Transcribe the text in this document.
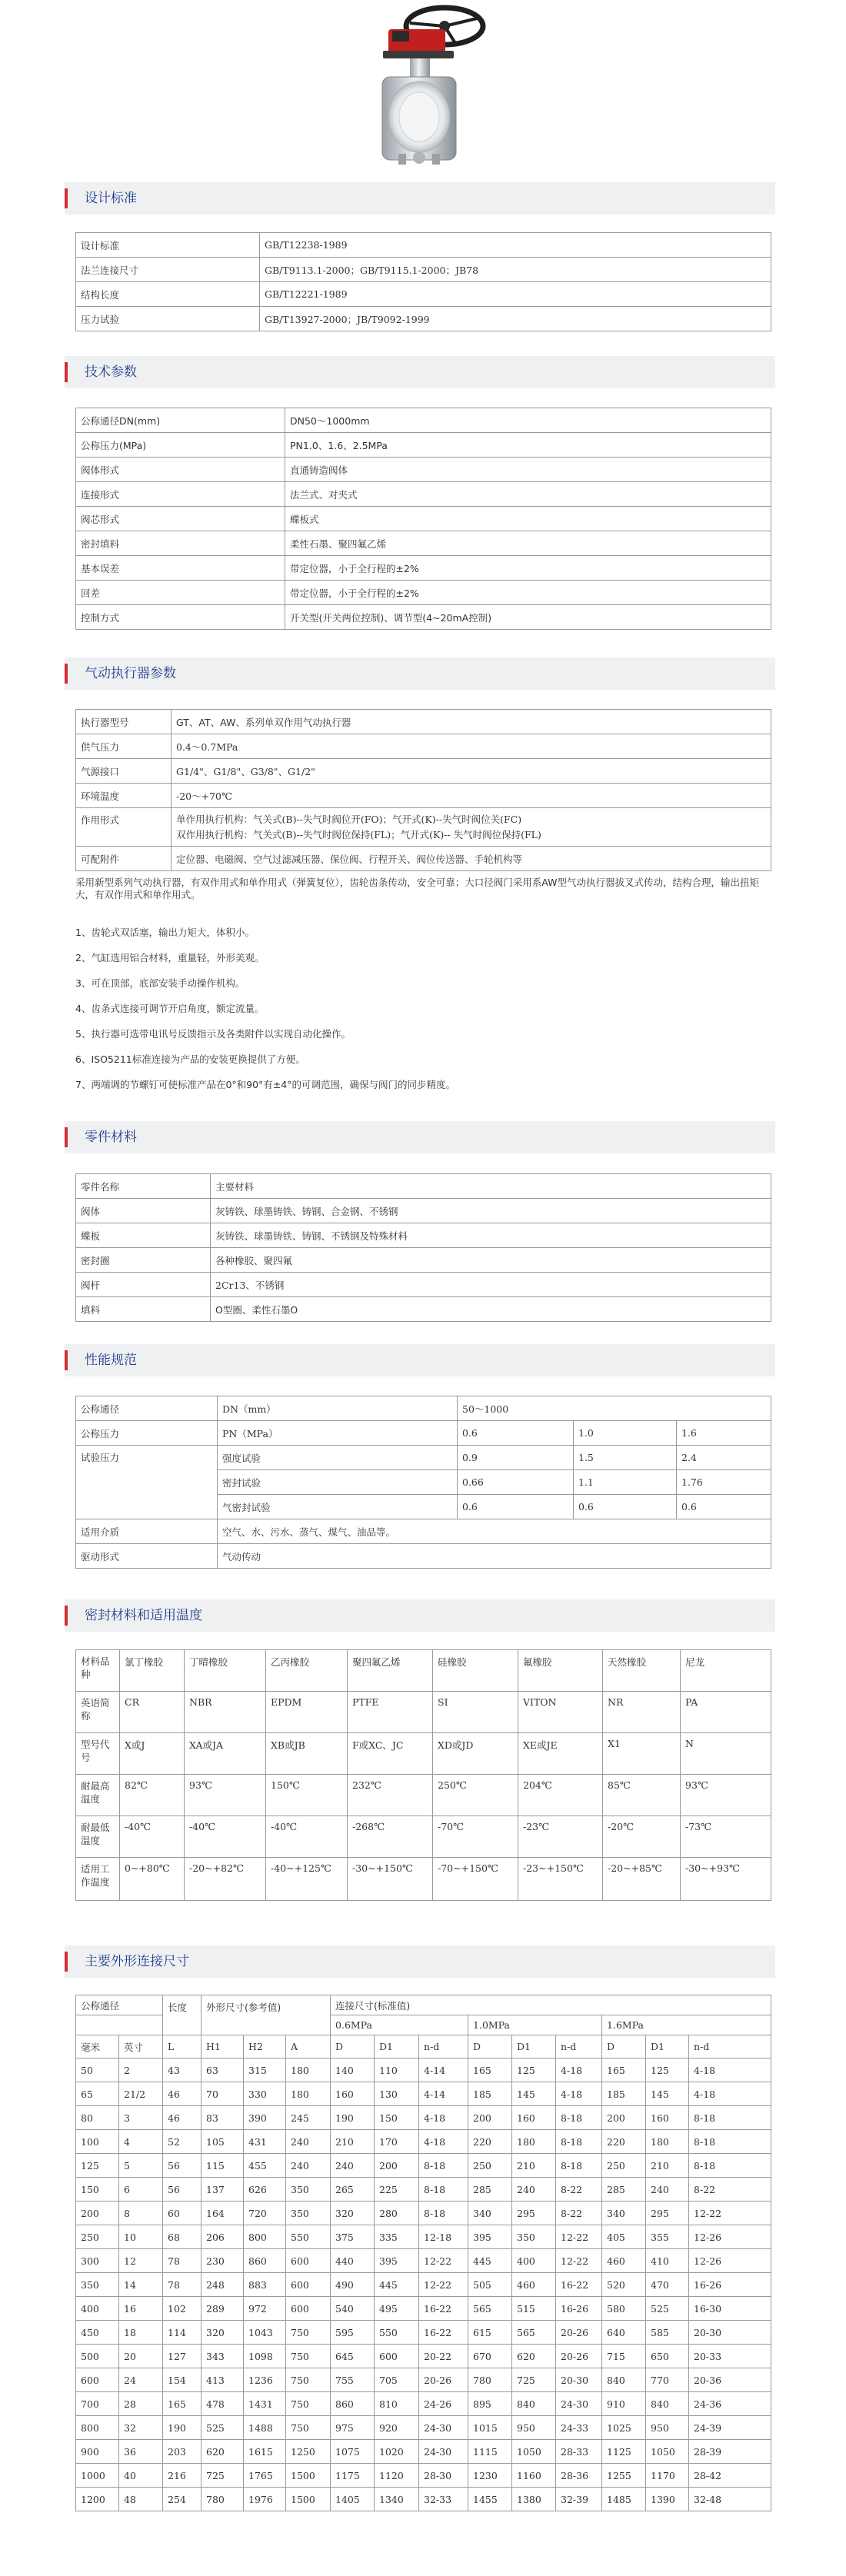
设计标准
设计标准	GB/T12238-1989
法兰连接尺寸	GB/T9113.1-2000；GB/T9115.1-2000；JB78
结构长度	GB/T12221-1989
压力试验	GB/T13927-2000；JB/T9092-1999
技术参数
公称通径DN(mm)	DN50～1000mm
公称压力(MPa)	PN1.0、1.6、2.5MPa
阀体形式	直通铸造阀体
连接形式	法兰式、对夹式
阀芯形式	蝶板式
密封填料	柔性石墨、聚四氟乙烯
基本误差	带定位器，小于全行程的±2%
回差	带定位器，小于全行程的±2%
控制方式	开关型(开关两位控制)、调节型(4~20mA控制)
气动执行器参数
执行器型号	GT、AT、AW、系列单双作用气动执行器
供气压力	0.4～0.7MPa
气源接口	G1/4"、G1/8"、G3/8"、G1/2"
环境温度	-20～+70℃
作用形式	单作用执行机构：气关式(B)--失气时阀位开(FO)；气开式(K)--失气时阀位关(FC)
双作用执行机构：气关式(B)--失气时阀位保持(FL)；气开式(K)-- 失气时阀位保持(FL)

可配附件	定位器、电磁阀、空气过滤减压器、保位阀、行程开关、阀位传送器、手轮机构等
采用新型系列气动执行器，有双作用式和单作用式（弹簧复位），齿轮齿条传动，安全可靠；大口径阀门采用系AW型气动执行器拔叉式传动，结构合理，输出扭矩大，有双作用式和单作用式。
1、齿轮式双活塞，输出力矩大，体积小。
2、气缸选用铝合材料，重量轻，外形美观。
3、可在顶部，底部安装手动操作机构。
4、齿条式连接可调节开启角度，额定流量。
5、执行器可选带电讯号反馈指示及各类附件以实现自动化操作。
6、ISO5211标准连接为产品的安装更换提供了方便。
7、两端调的节螺钉可使标准产品在0°和90°有±4°的可调范围，确保与阀门的同步精度。
零件材料
零件名称	主要材料
阀体	灰铸铁、球墨铸铁、铸钢、合金钢、不锈钢
蝶板	灰铸铁、球墨铸铁、铸钢、不锈钢及特殊材料
密封圈	各种橡胶、聚四氟
阀杆	2Cr13、不锈钢
填料	O型圈、柔性石墨O
性能规范
公称通径	DN（mm）	50～1000		
公称压力	PN（MPa）	0.6	1.0	1.6
试验压力	强度试验	0.9	1.5	2.4
	密封试验	0.66	1.1	1.76
	气密封试验	0.6	0.6	0.6
适用介质	空气、水、污水、蒸气、煤气、油品等。			
驱动形式	气动传动			
密封材料和适用温度
材料品种	氯丁橡胶	丁晴橡胶	乙丙橡胶	聚四氟乙烯	硅橡胶	氟橡胶	天然橡胶	尼龙
英语简称	CR	NBR	EPDM	PTFE	SI	VITON	NR	PA
型号代号	X或J	XA或JA	XB或JB	F或XC、JC	XD或JD	XE或JE	X1	N
耐最高温度	82℃	93℃	150℃	232℃	250℃	204℃	85℃	93℃
耐最低温度	-40℃	-40℃	-40℃	-268℃	-70℃	-23℃	-20℃	-73℃
适用工作温度	0~+80℃	-20~+82℃	-40~+125℃	-30~+150℃	-70~+150℃	-23~+150℃	-20~+85℃	-30~+93℃
主要外形连接尺寸
公称通径		长度	外形尺寸(参考值)			连接尺寸(标准值)								
						0.6MPa			1.0MPa			1.6MPa		
毫米	英寸	L	H1	H2	A	D	D1	n-d	D	D1	n-d	D	D1	n-d
50	2	43	63	315	180	140	110	4-14	165	125	4-18	165	125	4-18
65	21/2	46	70	330	180	160	130	4-14	185	145	4-18	185	145	4-18
80	3	46	83	390	245	190	150	4-18	200	160	8-18	200	160	8-18
100	4	52	105	431	240	210	170	4-18	220	180	8-18	220	180	8-18
125	5	56	115	455	240	240	200	8-18	250	210	8-18	250	210	8-18
150	6	56	137	626	350	265	225	8-18	285	240	8-22	285	240	8-22
200	8	60	164	720	350	320	280	8-18	340	295	8-22	340	295	12-22
250	10	68	206	800	550	375	335	12-18	395	350	12-22	405	355	12-26
300	12	78	230	860	600	440	395	12-22	445	400	12-22	460	410	12-26
350	14	78	248	883	600	490	445	12-22	505	460	16-22	520	470	16-26
400	16	102	289	972	600	540	495	16-22	565	515	16-26	580	525	16-30
450	18	114	320	1043	750	595	550	16-22	615	565	20-26	640	585	20-30
500	20	127	343	1098	750	645	600	20-22	670	620	20-26	715	650	20-33
600	24	154	413	1236	750	755	705	20-26	780	725	20-30	840	770	20-36
700	28	165	478	1431	750	860	810	24-26	895	840	24-30	910	840	24-36
800	32	190	525	1488	750	975	920	24-30	1015	950	24-33	1025	950	24-39
900	36	203	620	1615	1250	1075	1020	24-30	1115	1050	28-33	1125	1050	28-39
1000	40	216	725	1765	1500	1175	1120	28-30	1230	1160	28-36	1255	1170	28-42
1200	48	254	780	1976	1500	1405	1340	32-33	1455	1380	32-39	1485	1390	32-48
